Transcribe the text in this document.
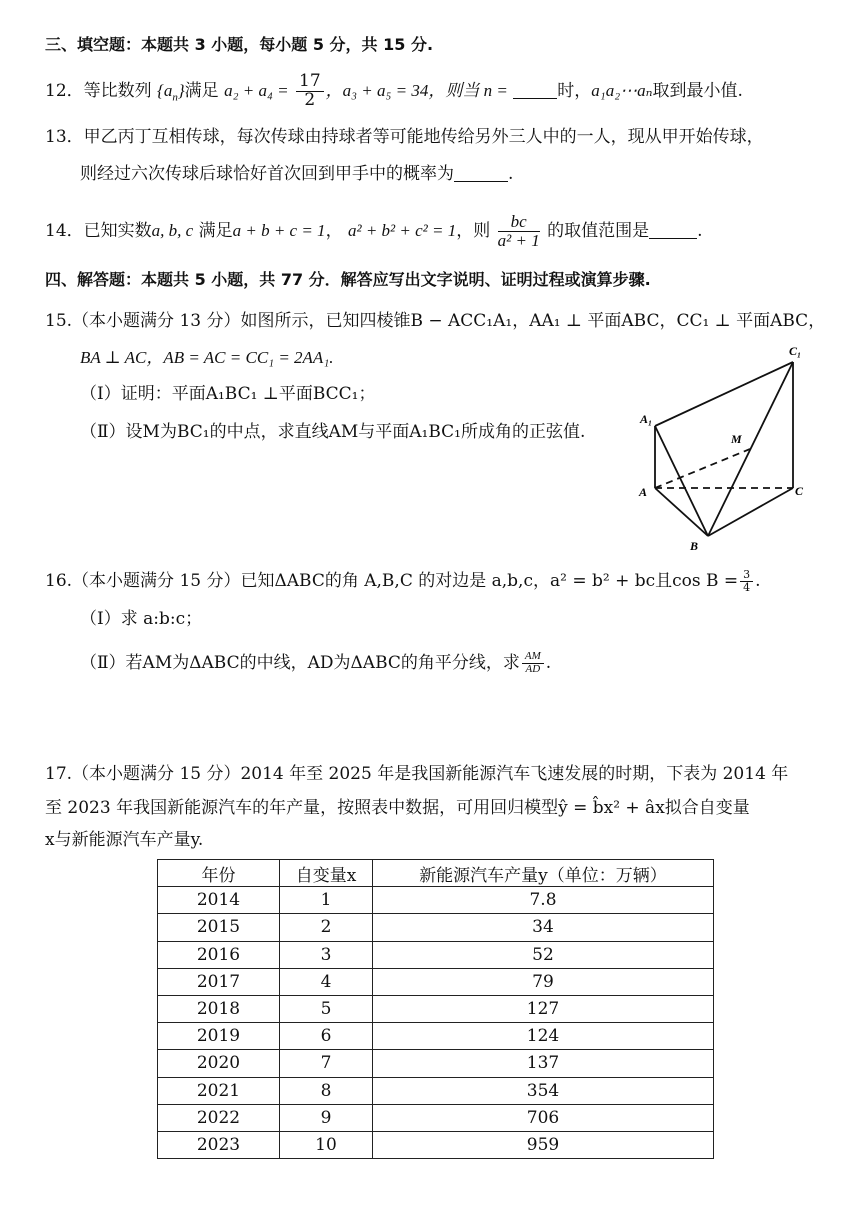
三、填空题：本题共 3 小题，每小题 5 分，共 15 分.
12．等比数列 $\{a_n\}$满足 $a_2 + a_4 = \frac{17}{2}$ ，a₃ + a₅ = 34，则当 n =	时，a₁a₂⋯aₙ取到最小值.
13．甲乙丙丁互相传球，每次传球由持球者等可能地传给另外三人中的一人，现从甲开始传球，
则经过六次传球后球恰好首次回到甲手中的概率为	.
14．已知实数a, b, c 满足a + b + c = 1， a² + b² + c² = 1，则 $\frac{bc}{\text{a² + 1}}$ 的取值范围是	.
四、解答题：本题共 5 小题，共 77 分．解答应写出文字说明、证明过程或演算步骤.
15.（本小题满分 13 分）如图所示，已知四棱锥B − ACC₁A₁，AA₁ ⊥ 平面ABC，CC₁ ⊥ 平面ABC，
BA ⊥ AC，AB = AC = CC₁ = 2AA₁.
（Ⅰ）证明：平面A₁BC₁ ⊥平面BCC₁；
（Ⅱ）设M为BC₁的中点，求直线AM与平面A₁BC₁所成角的正弦值.
C₁
A₁
M
A	C
B
16.（本小题满分 15 分）已知ΔABC的角 A,B,C 的对边是 a,b,c，a² = b² + bc且$\cos B = \frac{3}{4}$ .
（Ⅰ）求 a:b:c；
（Ⅱ）若AM为ΔABC的中线，AD为ΔABC的角平分线，求 $\frac{AM}{AD}$ .
17.（本小题满分 15 分）2014 年至 2025 年是我国新能源汽车飞速发展的时期，下表为 2014 年
至 2023 年我国新能源汽车的年产量，按照表中数据，可用回归模型ŷ = b̂x² + âx拟合自变量
x与新能源汽车产量y.
年份	自变量x	新能源汽车产量y（单位：万辆）
2014	1	7.8
2015	2	34
2016	3	52
2017	4	79
2018	5	127
2019	6	124
2020	7	137
2021	8	354
2022	9	706
2023	10	959
